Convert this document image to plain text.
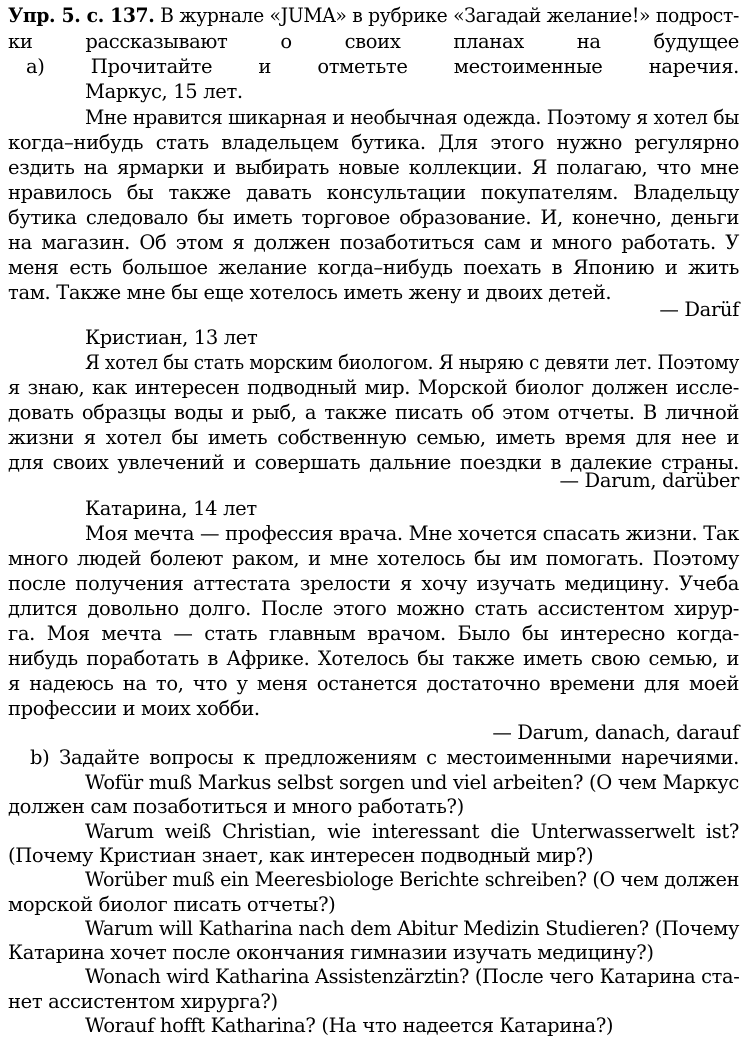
Упр. 5. с. 137. В журнале «JUMA» в рубрике «Загадай желание!» подрост-
ки рассказывают о своих планах на будущее
а) Прочитайте и отметьте местоименные наречия.
Маркус, 15 лет.
Мне нравится шикарная и необычная одежда. Поэтому я хотел бы
когда–нибудь стать владельцем бутика. Для этого нужно регулярно
ездить на ярмарки и выбирать новые коллекции. Я полагаю, что мне
нравилось бы также давать консультации покупателям. Владельцу
бутика следовало бы иметь торговое образование. И, конечно, деньги
на магазин. Об этом я должен позаботиться сам и много работать. У
меня есть большое желание когда–нибудь поехать в Японию и жить
там. Также мне бы еще хотелось иметь жену и двоих детей.
— Darüf
Кристиан, 13 лет
Я хотел бы стать морским биологом. Я ныряю с девяти лет. Поэтому
я знаю, как интересен подводный мир. Морской биолог должен иссле-
довать образцы воды и рыб, а также писать об этом отчеты. В личной
жизни я хотел бы иметь собственную семью, иметь время для нее и
для своих увлечений и совершать дальние поездки в далекие страны.
— Darum, darüber
Катарина, 14 лет
Моя мечта — профессия врача. Мне хочется спасать жизни. Так
много людей болеют раком, и мне хотелось бы им помогать. Поэтому
после получения аттестата зрелости я хочу изучать медицину. Учеба
длится довольно долго. После этого можно стать ассистентом хирур-
га. Моя мечта — стать главным врачом. Было бы интересно когда-
нибудь поработать в Африке. Хотелось бы также иметь свою семью, и
я надеюсь на то, что у меня останется достаточно времени для моей
профессии и моих хобби.
— Darum, danach, darauf
b) Задайте вопросы к предложениям с местоименными наречиями.
Wofür muß Markus selbst sorgen und viel arbeiten? (О чем Маркус
должен сам позаботиться и много работать?)
Warum weiß Christian, wie interessant die Unterwasserwelt ist?
(Почему Кристиан знает, как интересен подводный мир?)
Worüber muß ein Meeresbiologe Berichte schreiben? (О чем должен
морской биолог писать отчеты?)
Warum will Katharina nach dem Abitur Medizin Studieren? (Почему
Катарина хочет после окончания гимназии изучать медицину?)
Wonach wird Katharina Assistenzärztin? (После чего Катарина ста-
нет ассистентом хирурга?)
Worauf hofft Katharina? (На что надеется Катарина?)
